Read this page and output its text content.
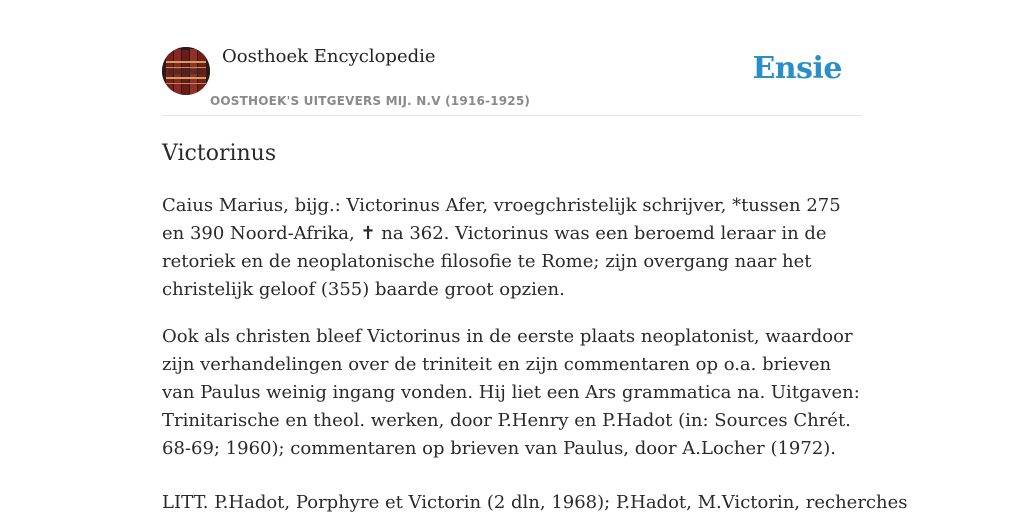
Oosthoek Encyclopedie
OOSTHOEK'S UITGEVERS MIJ. N.V (1916-1925)
Ensie
Victorinus

Caius Marius, bijg.: Victorinus Afer, vroegchristelijk schrijver, *tussen 275 en 390 Noord-Afrika, ✝ na 362. Victorinus was een beroemd leraar in de retoriek en de neoplatonische filosofie te Rome; zijn overgang naar het christelijk geloof (355) baarde groot opzien.

Ook als christen bleef Victorinus in de eerste plaats neoplatonist, waardoor zijn verhandelingen over de triniteit en zijn commentaren op o.a. brieven van Paulus weinig ingang vonden. Hij liet een Ars grammatica na. Uitgaven: Trinitarische en theol. werken, door P.Henry en P.Hadot (in: Sources Chrét. 68-69; 1960); commentaren op brieven van Paulus, door A.Locher (1972).

LITT. P.Hadot, Porphyre et Victorin (2 dln, 1968); P.Hadot, M.Victorin, recherches
